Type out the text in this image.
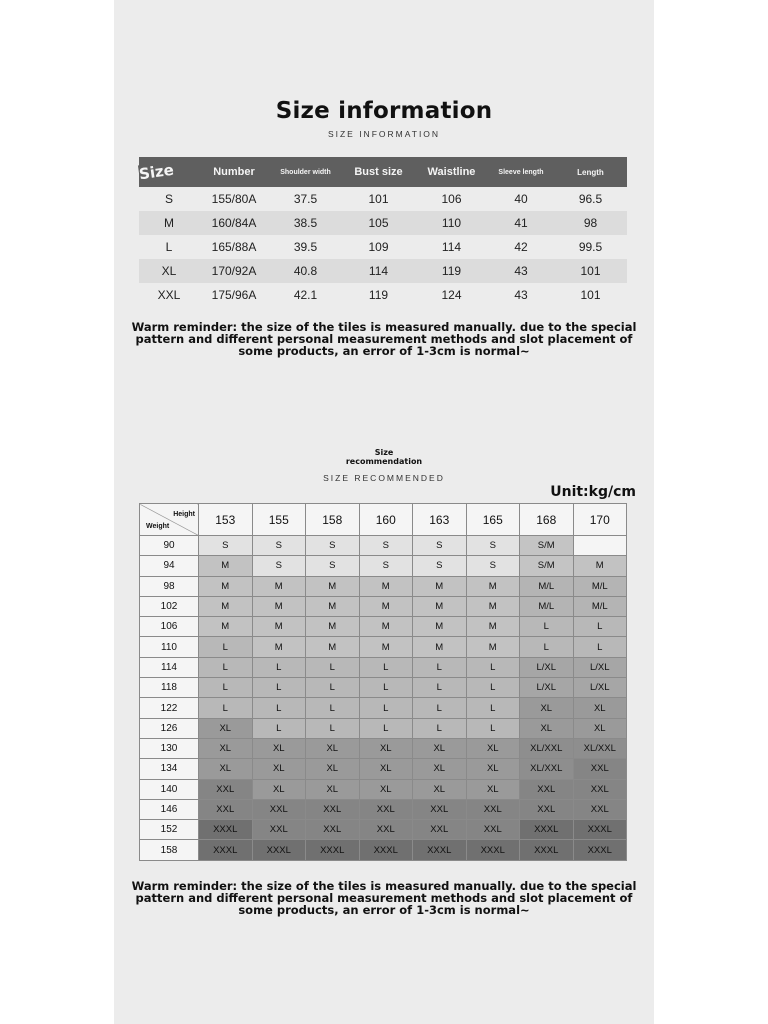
Size information
SIZE INFORMATION
Size	Number	Shoulder width	Bust size	Waistline	Sleeve length	Length
S	155/80A	37.5	101	106	40	96.5
M	160/84A	38.5	105	110	41	98
L	165/88A	39.5	109	114	42	99.5
XL	170/92A	40.8	114	119	43	101
XXL	175/96A	42.1	119	124	43	101
Warm reminder: the size of the tiles is measured manually. due to the special pattern and different personal measurement methods and slot placement of some products, an error of 1-3cm is normal~
Size
recommendation
SIZE RECOMMENDED
Unit:kg/cm
Height
Weight	153	155	158	160	163	165	168	170
90	S	S	S	S	S	S	S/M	
94	M	S	S	S	S	S	S/M	M
98	M	M	M	M	M	M	M/L	M/L
102	M	M	M	M	M	M	M/L	M/L
106	M	M	M	M	M	M	L	L
110	L	M	M	M	M	M	L	L
114	L	L	L	L	L	L	L/XL	L/XL
118	L	L	L	L	L	L	L/XL	L/XL
122	L	L	L	L	L	L	XL	XL
126	XL	L	L	L	L	L	XL	XL
130	XL	XL	XL	XL	XL	XL	XL/XXL	XL/XXL
134	XL	XL	XL	XL	XL	XL	XL/XXL	XXL
140	XXL	XL	XL	XL	XL	XL	XXL	XXL
146	XXL	XXL	XXL	XXL	XXL	XXL	XXL	XXL
152	XXXL	XXL	XXL	XXL	XXL	XXL	XXXL	XXXL
158	XXXL	XXXL	XXXL	XXXL	XXXL	XXXL	XXXL	XXXL
Warm reminder: the size of the tiles is measured manually. due to the special pattern and different personal measurement methods and slot placement of some products, an error of 1-3cm is normal~
